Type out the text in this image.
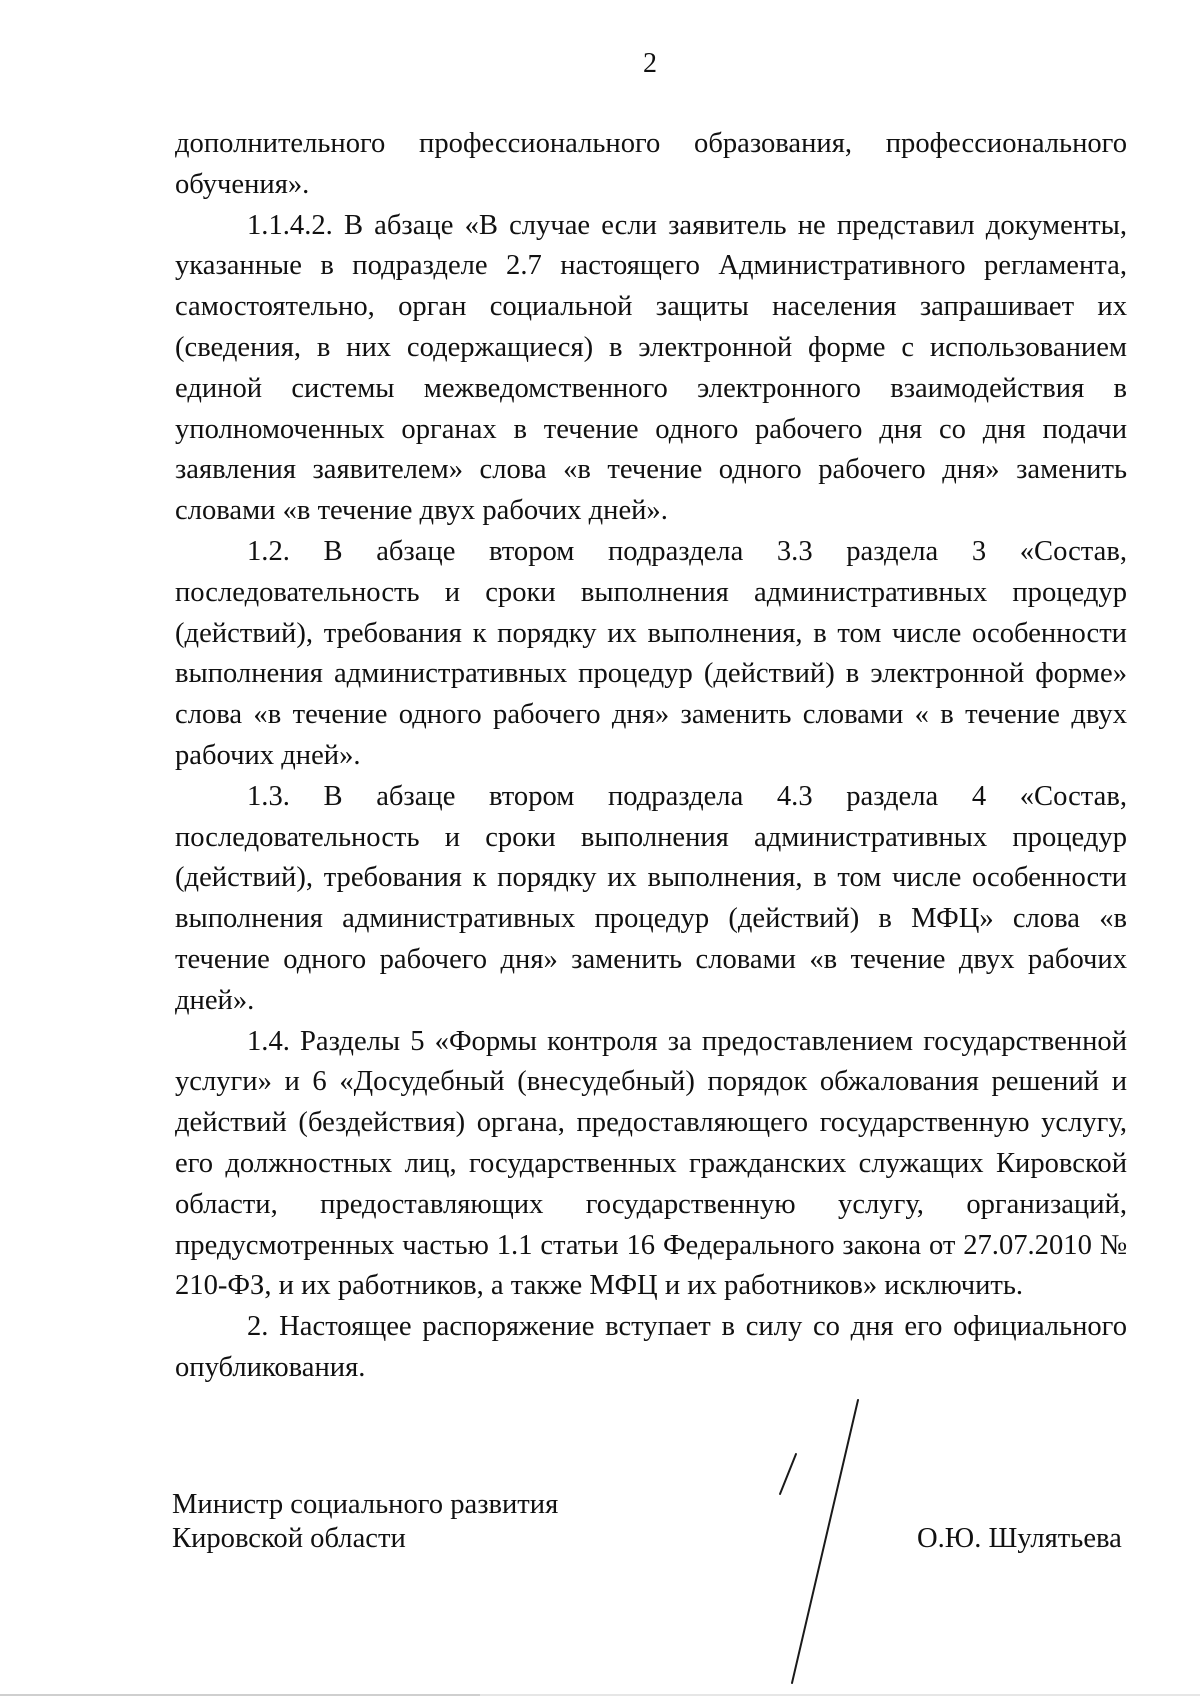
2

дополнительного профессионального образования, профессионального обучения».

1.1.4.2. В абзаце «В случае если заявитель не представил документы, указанные в подразделе 2.7 настоящего Административного регламента, самостоятельно, орган социальной защиты населения запрашивает их (сведения, в них содержащиеся) в электронной форме с использованием единой системы межведомственного электронного взаимодействия в уполномоченных органах в течение одного рабочего дня со дня подачи заявления заявителем» слова «в течение одного рабочего дня» заменить словами «в течение двух рабочих дней».

1.2. В абзаце втором подраздела 3.3 раздела 3 «Состав, последовательность и сроки выполнения административных процедур (действий), требования к порядку их выполнения, в том числе особенности выполнения административных процедур (действий) в электронной форме» слова «в течение одного рабочего дня» заменить словами « в течение двух рабочих дней».

1.3. В абзаце втором подраздела 4.3 раздела 4 «Состав, последовательность и сроки выполнения административных процедур (действий), требования к порядку их выполнения, в том числе особенности выполнения административных процедур (действий) в МФЦ» слова «в течение одного рабочего дня» заменить словами «в течение двух рабочих дней».

1.4. Разделы 5 «Формы контроля за предоставлением государственной услуги» и 6 «Досудебный (внесудебный) порядок обжалования решений и действий (бездействия) органа, предоставляющего государственную услугу, его должностных лиц, государственных гражданских служащих Кировской области, предоставляющих государственную услугу, организаций, предусмотренных частью 1.1 статьи 16 Федерального закона от 27.07.2010 № 210-ФЗ, и их работников, а также МФЦ и их работников» исключить.

2. Настоящее распоряжение вступает в силу со дня его официального опубликования.

Министр социального развития
Кировской области	О.Ю. Шулятьева
